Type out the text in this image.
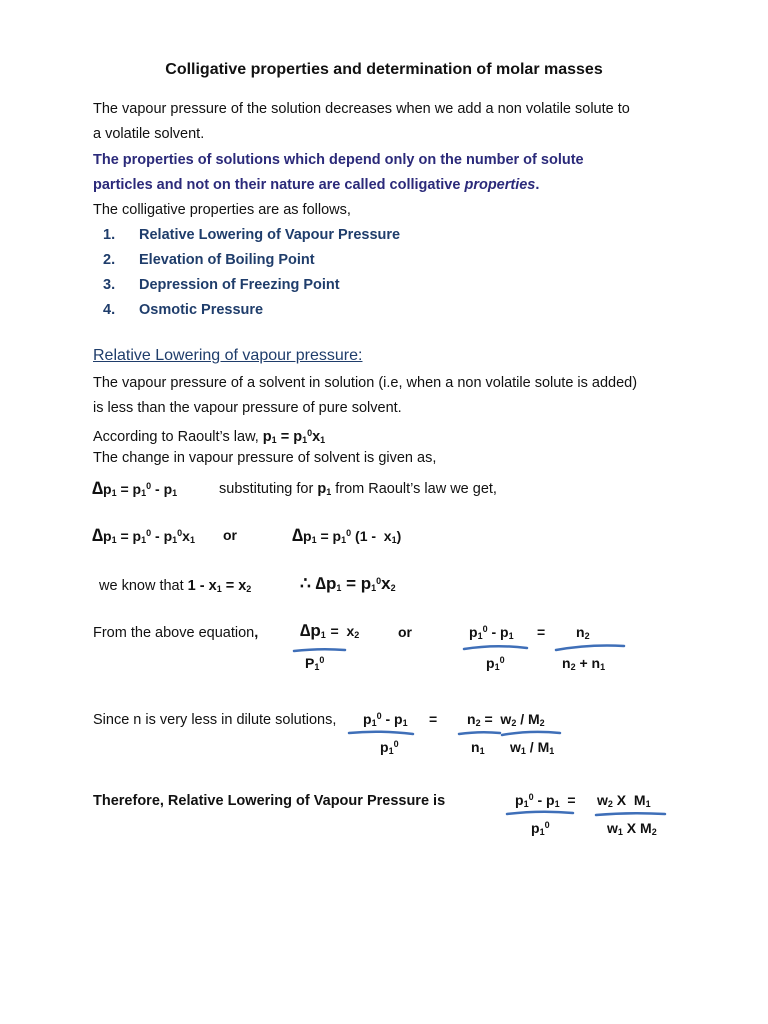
Colligative properties and determination of molar masses
The vapour pressure of the solution decreases when we add a non volatile solute to
a volatile solvent.
The properties of solutions which depend only on the number of solute
particles and not on their nature are called colligative properties.
The colligative properties are as follows,
1. Relative Lowering of Vapour Pressure
2. Elevation of Boiling Point
3. Depression of Freezing Point
4. Osmotic Pressure
Relative Lowering of vapour pressure:
The vapour pressure of a solvent in solution (i.e, when a non volatile solute is added)
is less than the vapour pressure of pure solvent.
According to Raoult’s law, $p_1 = p_1^0x_1$
The change in vapour pressure of solvent is given as,
$\Delta p_1 = p_1^0 - p_1$	substituting for $p_1$ from Raoult’s law we get,
$\Delta p_1 = p_1^0 - p_1^0x_1$ or	$\Delta p_1 = p_1^0$ $(1 - x_1)$
we know that $1 - x_1 = x_2$	∴ $\Delta p_1 = p_1^0x_2$
From the above equation, $\Delta p_1 = x_2$	or	$p_1^0 - p_1 = n_2$
$P_1^0$	$p_1^0$	$n_2 + n_1$
Since n is very less in dilute solutions, $p_1^0 - p_1 = n_2 = w_2 / M_2$
$p_1^0$	$n_1$ $w_1 / M_1$
Therefore, Relative Lowering of Vapour Pressure is	$p_1^0 - p_1 = w_2$ X  $M_1$
$p_1^0$	$w_1$ X $M_2$
